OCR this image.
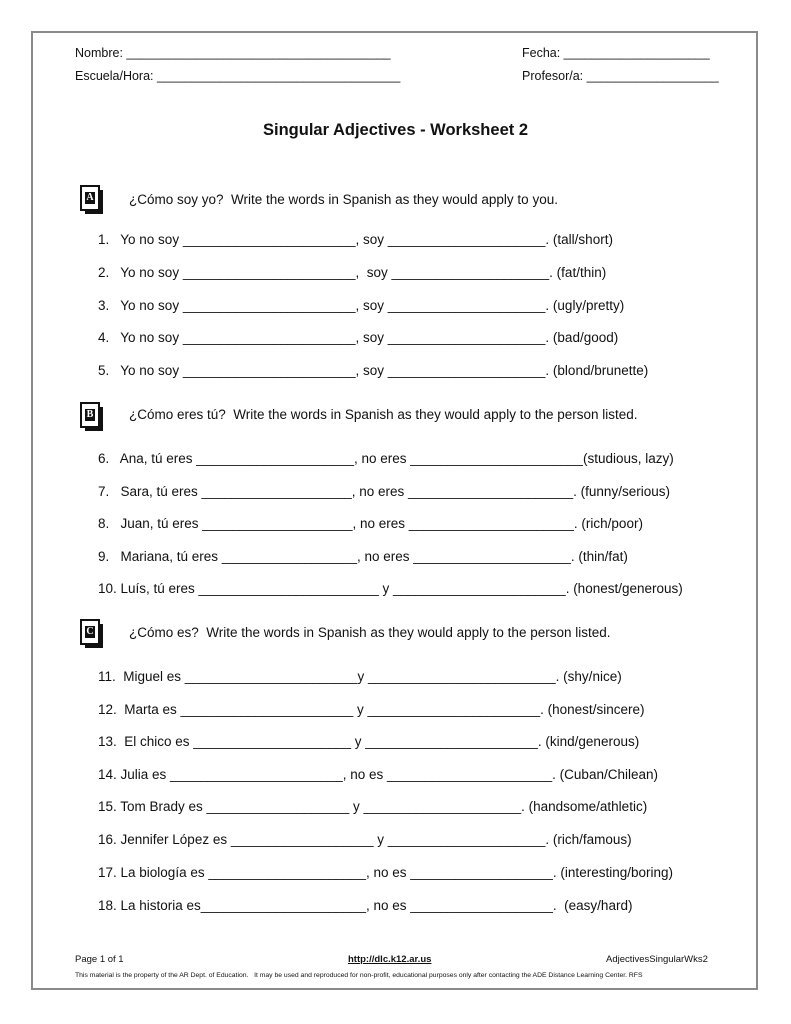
Nombre: ______________________________________	Fecha: _____________________
Escuela/Hora: ___________________________________	Profesor/a: ___________________
Singular Adjectives - Worksheet 2
A	¿Cómo soy yo?  Write the words in Spanish as they would apply to you.
1.   Yo no soy _______________________, soy _____________________. (tall/short)
2.   Yo no soy _______________________,  soy _____________________. (fat/thin)
3.   Yo no soy _______________________, soy _____________________. (ugly/pretty)
4.   Yo no soy _______________________, soy _____________________. (bad/good)
5.   Yo no soy _______________________, soy _____________________. (blond/brunette)
B	¿Cómo eres tú?  Write the words in Spanish as they would apply to the person listed.
6.   Ana, tú eres _____________________, no eres _______________________(studious, lazy)
7.   Sara, tú eres ____________________, no eres ______________________. (funny/serious)
8.   Juan, tú eres ____________________, no eres ______________________. (rich/poor)
9.   Mariana, tú eres __________________, no eres _____________________. (thin/fat)
10. Luís, tú eres ________________________ y _______________________. (honest/generous)
C	¿Cómo es?  Write the words in Spanish as they would apply to the person listed.
11.  Miguel es _______________________y _________________________. (shy/nice)
12.  Marta es _______________________ y _______________________. (honest/sincere)
13.  El chico es _____________________ y _______________________. (kind/generous)
14. Julia es _______________________, no es ______________________. (Cuban/Chilean)
15. Tom Brady es ___________________ y _____________________. (handsome/athletic)
16. Jennifer López es ___________________ y _____________________. (rich/famous)
17. La biología es _____________________, no es ___________________. (interesting/boring)
18. La historia es______________________, no es ___________________.  (easy/hard)
Page 1 of 1	http://dlc.k12.ar.us	AdjectivesSingularWks2
This material is the property of the AR Dept. of Education.   It may be used and reproduced for non-profit, educational purposes only after contacting the ADE Distance Learning Center. RFS
